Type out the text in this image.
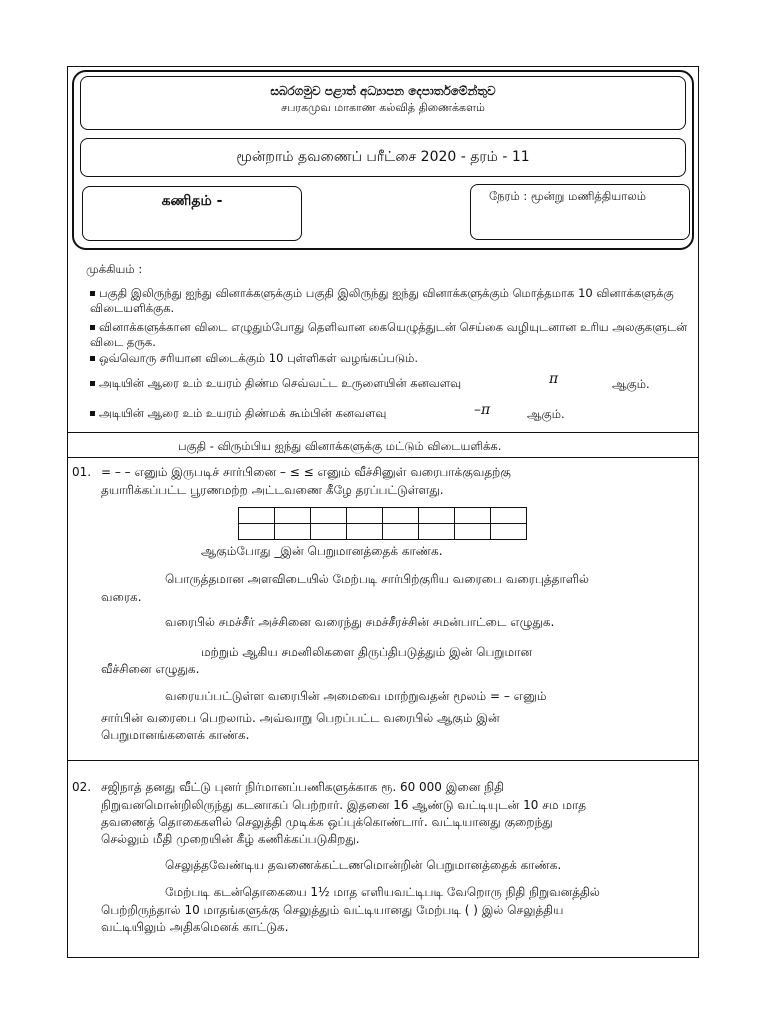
සබරගමුව පළාත් අධ්‍යාපන දෙපාර්තමේන්තුව
சபரகமுவ மாகாண கல்வித் திணைக்களம்
மூன்றாம் தவணைப் பரீட்சை 2020 - தரம் - 11
கணிதம் -	நேரம் : மூன்று மணித்தியாலம்
முக்கியம் :
பகுதி இலிருந்து ஐந்து வினாக்களுக்கும் பகுதி இலிருந்து ஐந்து வினாக்களுக்கும் மொத்தமாக 10 வினாக்களுக்கு விடையளிக்குக.
வினாக்களுக்கான விடை எழுதும்போது தெளிவான கையெழுத்துடன் செய்கை வழியுடனான உரிய அலகுகளுடன் விடை தருக.
ஒவ்வொரு சரியான விடைக்கும் 10 புள்ளிகள் வழங்கப்படும்.
அடியின் ஆரை உம் உயரம் திண்ம செவ்வட்ட உருளையின் கனவளவு	π	ஆகும்.
அடியின் ஆரை உம் உயரம் திண்மக் கூம்பின் கனவளவு	–π	ஆகும்.
பகுதி - விரும்பிய ஐந்து வினாக்களுக்கு மட்டும் விடையளிக்க.
01. = – – எனும் இருபடிச் சார்பினை – ≤ ≤ எனும் வீச்சினுள் வரைபாக்குவதற்கு
தயாரிக்கப்பட்ட பூரணமற்ற அட்டவணை கீழே தரப்பட்டுள்ளது.

ஆகும்போது _இன் பெறுமானத்தைக் காண்க.
பொருத்தமான அளவிடையில் மேற்படி சார்பிற்குரிய வரைபை வரைபுத்தாளில்
வரைக.
வரைபில் சமச்சீர் அச்சினை வரைந்து சமச்சீரச்சின் சமன்பாட்டை எழுதுக.
மற்றும் ஆகிய சமனிலிகளை திருப்திபடுத்தும் இன் பெறுமான
வீச்சினை எழுதுக.
வரையப்பட்டுள்ள வரைபின் அமைவை மாற்றுவதன் மூலம் = – எனும்
சார்பின் வரைபை பெறலாம். அவ்வாறு பெறப்பட்ட வரைபில் ஆகும் இன்
பெறுமானங்களைக் காண்க.
02. சஜிநாத் தனது வீட்டு புனர் நிர்மானப்பணிகளுக்காக ரூ. 60 000 இனை நிதி
நிறுவனமொன்றிலிருந்து கடனாகப் பெற்றார். இதனை 16 ஆண்டு வட்டியுடன் 10 சம மாத
தவணைத் தொகைகளில் செலுத்தி முடிக்க ஒப்புக்கொண்டார். வட்டியானது குறைந்து
செல்லும் மீதி முறையின் கீழ் கணிக்கப்படுகிறது.
செலுத்தவேண்டிய தவணைக்கட்டணமொன்றின் பெறுமானத்தைக் காண்க.
மேற்படி கடன்தொகையை 1½ மாத எளியவட்டிபடி வேறொரு நிதி நிறுவனத்தில்
பெற்றிருந்தால் 10 மாதங்களுக்கு செலுத்தும் வட்டியானது மேற்படி ( ) இல் செலுத்திய
வட்டியிலும் அதிகமெனக் காட்டுக.
